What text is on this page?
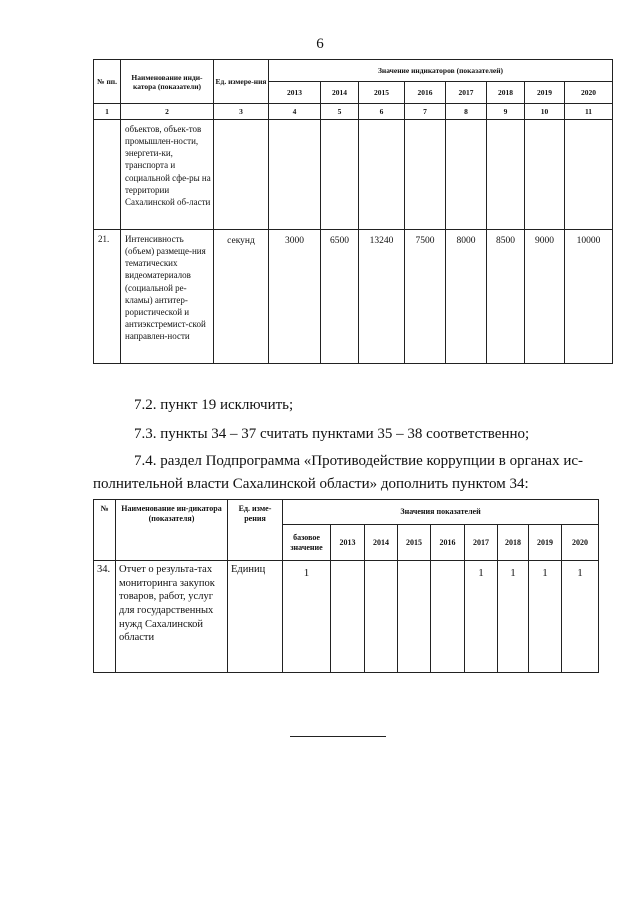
6
№ пп.	Наименование инди-катора (показатели)	Ед. измере-ния	Значение индикаторов (показателей)							
			2013	2014	2015	2016	2017	2018	2019	2020
1	2	3	4	5	6	7	8	9	10	11
	объектов, объек-тов промышлен-ности, энергети-ки, транспорта и социальной сфе-ры на территории Сахалинской об-ласти									
21.	Интенсивность (объем) размеще-ния тематических видеоматериалов (социальной ре-кламы) антитер-рористической и антиэкстремист-ской направлен-ности	секунд	3000	6500	13240	7500	8000	8500	9000	10000
7.2. пункт 19 исключить;
7.3. пункты 34 – 37 считать пунктами 35 – 38 соответственно;
7.4. раздел Подпрограмма «Противодействие коррупции в органах ис-
полнительной власти Сахалинской области» дополнить пунктом 34:
№	Наименование ин-дикатора (показателя)	Ед. изме-рения	Значения показателей								
			базовое значение	2013	2014	2015	2016	2017	2018	2019	2020
34.	Отчет о результа-тах мониторинга закупок товаров, работ, услуг для государственных нужд Сахалинской области	Единиц	1					1	1	1	1
